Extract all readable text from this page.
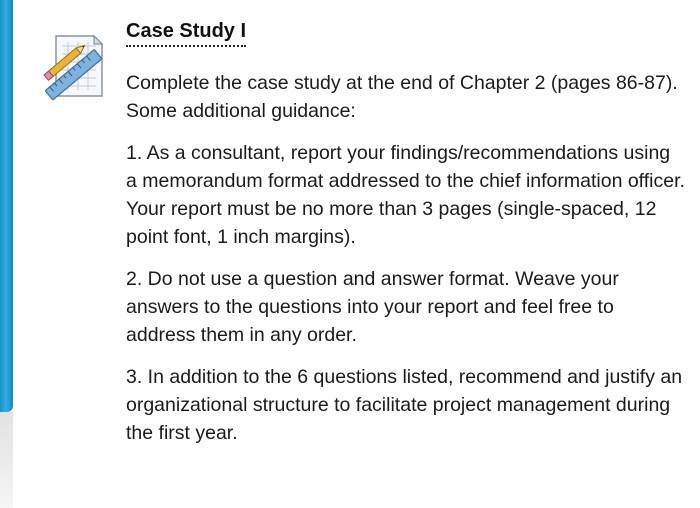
Case Study I

Complete the case study at the end of Chapter 2 (pages 86-87). Some additional guidance:

1. As a consultant, report your findings/recommendations using a memorandum format addressed to the chief information officer. Your report must be no more than 3 pages (single-spaced, 12 point font, 1 inch margins).

2. Do not use a question and answer format. Weave your answers to the questions into your report and feel free to address them in any order.

3. In addition to the 6 questions listed, recommend and justify an organizational structure to facilitate project management during the first year.
